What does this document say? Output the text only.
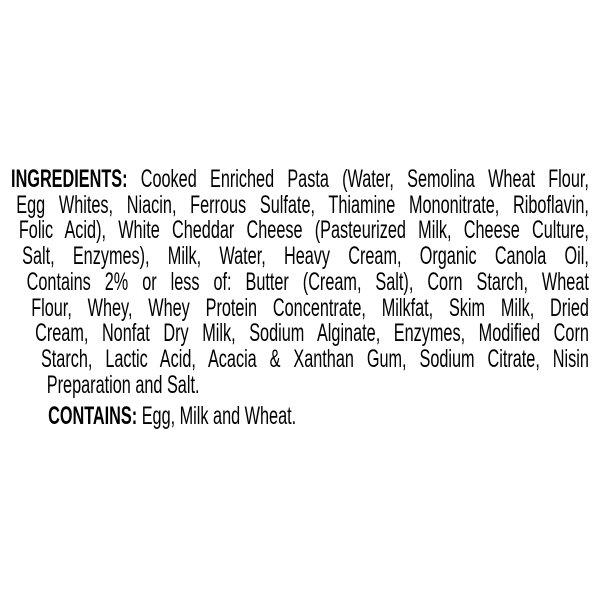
INGREDIENTS: Cooked Enriched Pasta (Water, Semolina Wheat Flour,
Egg Whites, Niacin, Ferrous Sulfate, Thiamine Mononitrate, Riboflavin,
Folic Acid), White Cheddar Cheese (Pasteurized Milk, Cheese Culture,
Salt, Enzymes), Milk, Water, Heavy Cream, Organic Canola Oil,
Contains 2% or less of: Butter (Cream, Salt), Corn Starch, Wheat
Flour, Whey, Whey Protein Concentrate, Milkfat, Skim Milk, Dried
Cream, Nonfat Dry Milk, Sodium Alginate, Enzymes, Modified Corn
Starch, Lactic Acid, Acacia & Xanthan Gum, Sodium Citrate, Nisin
Preparation and Salt.
CONTAINS: Egg, Milk and Wheat.
